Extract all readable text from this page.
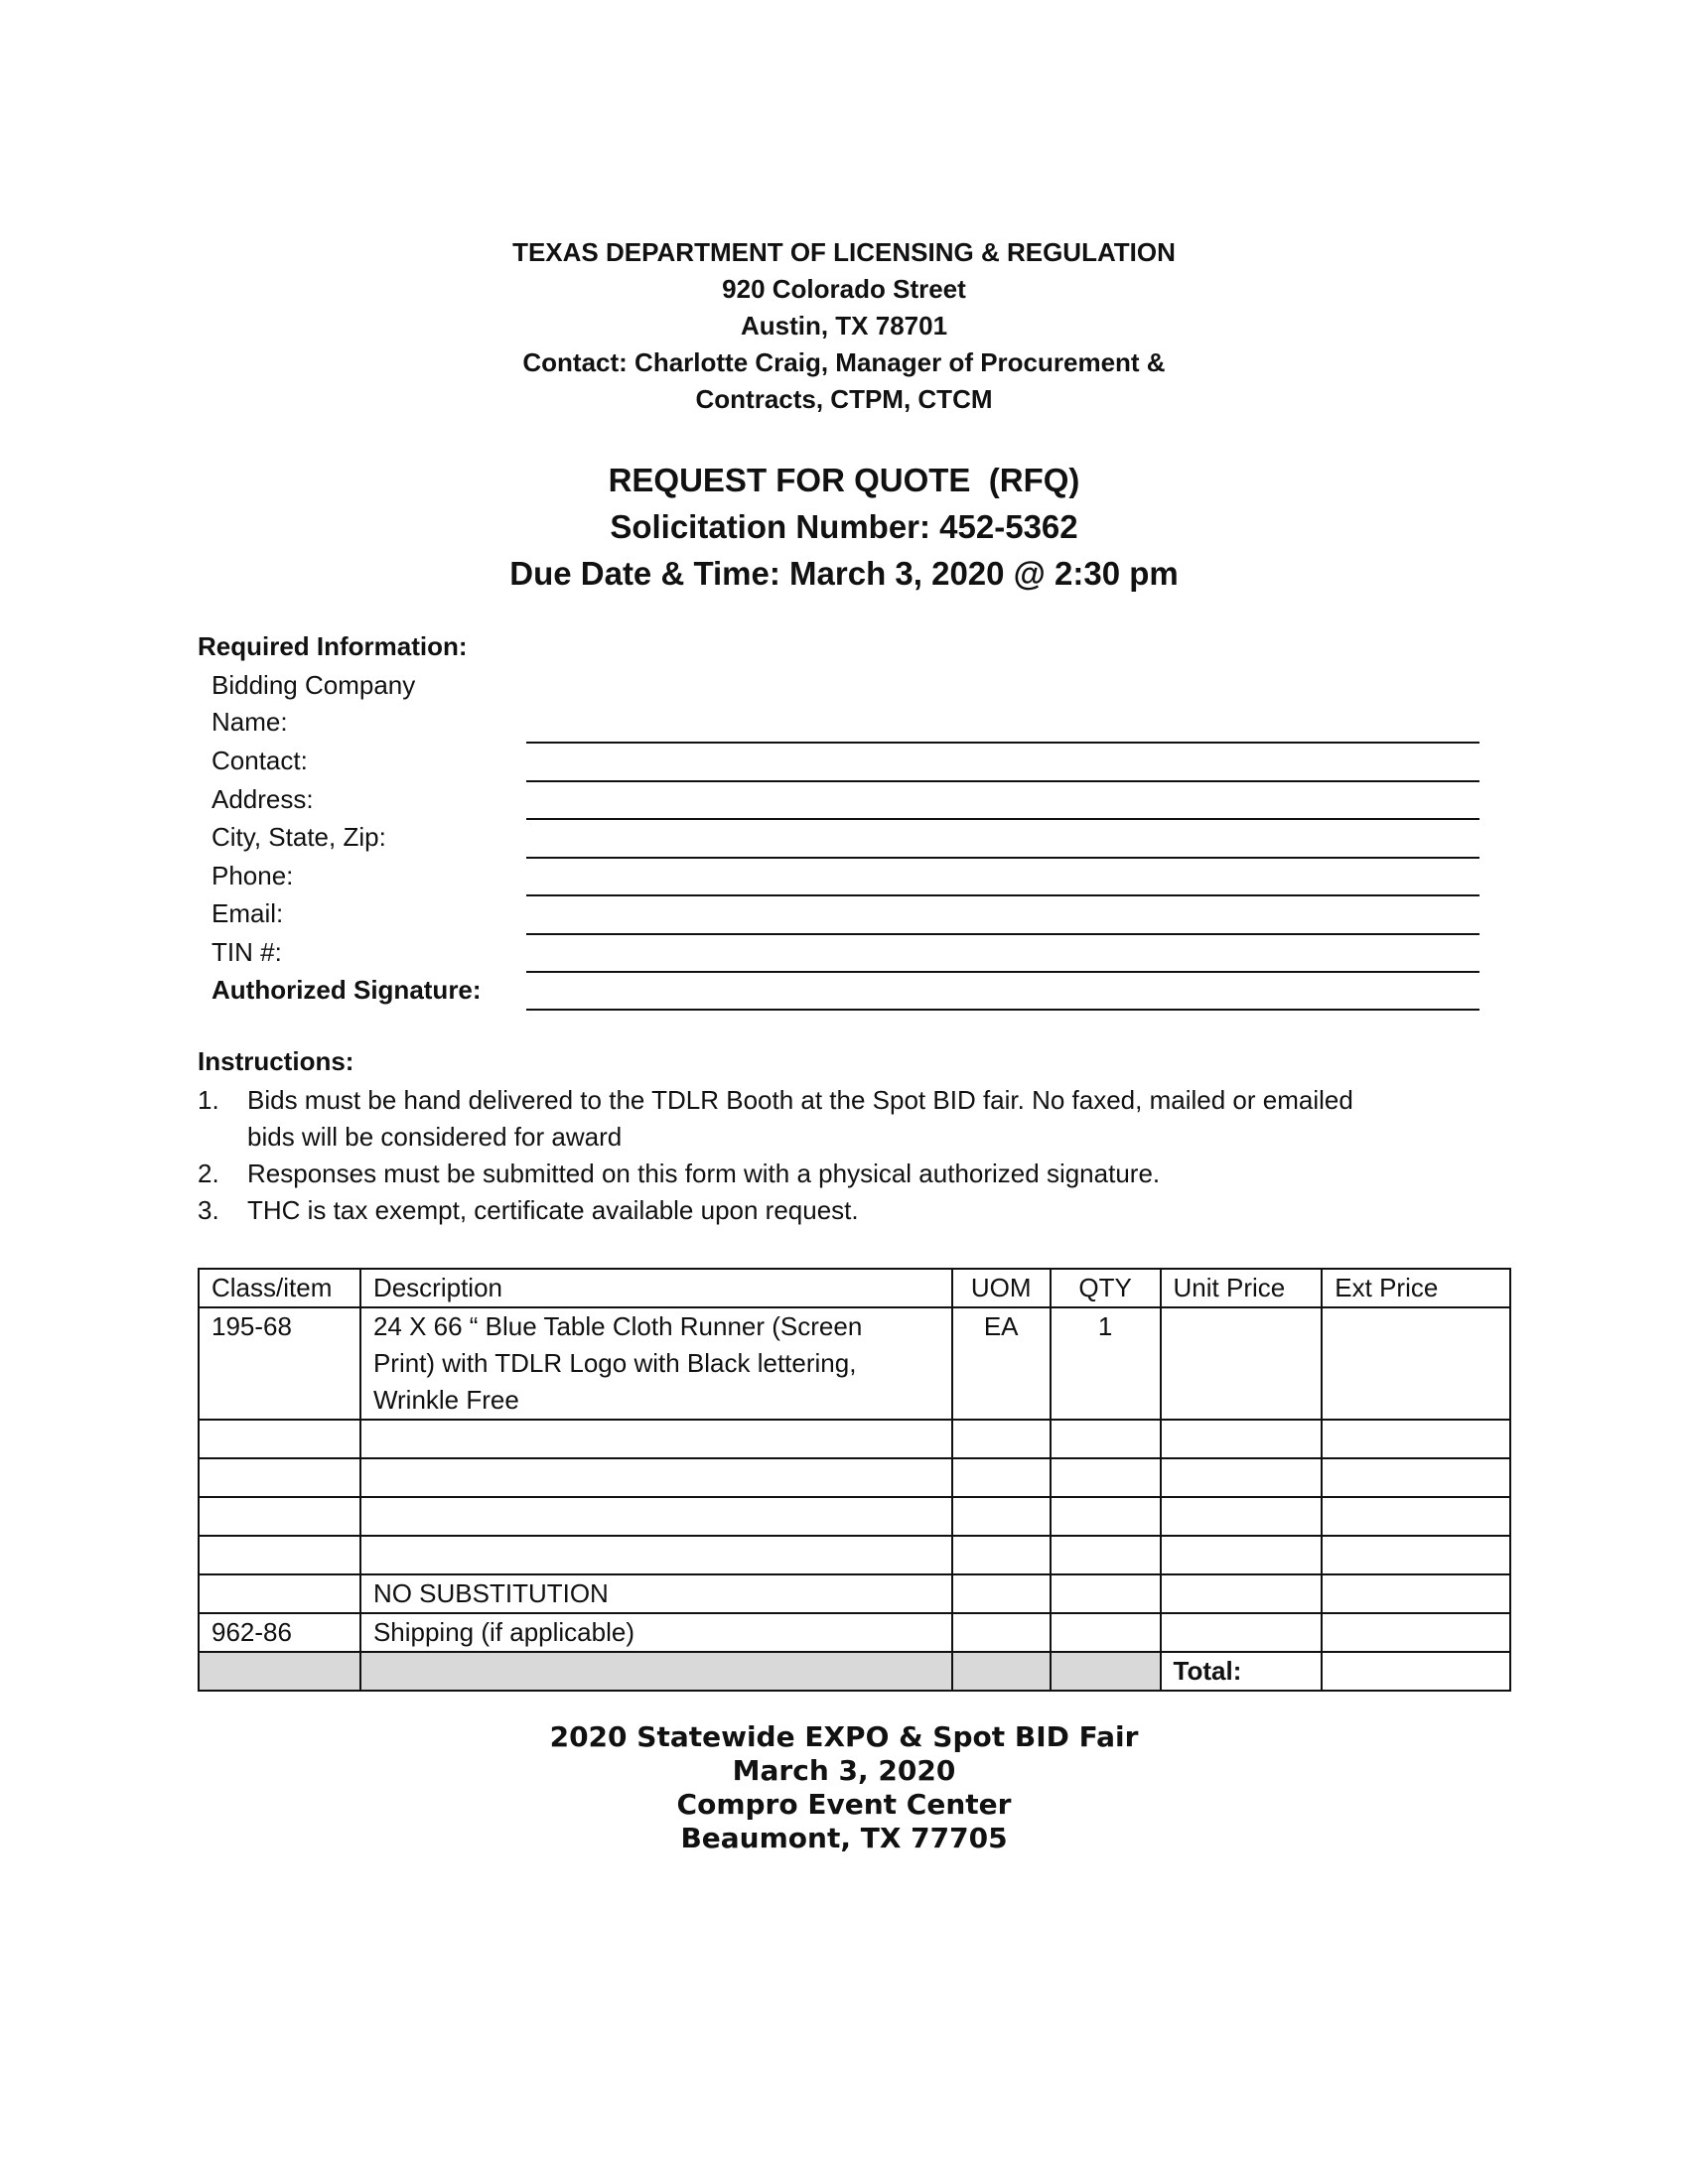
TEXAS DEPARTMENT OF LICENSING & REGULATION
920 Colorado Street
Austin, TX 78701
Contact: Charlotte Craig, Manager of Procurement &
Contracts, CTPM, CTCM
REQUEST FOR QUOTE  (RFQ)
Solicitation Number: 452-5362
Due Date & Time: March 3, 2020 @ 2:30 pm
Required Information:
Bidding Company
Name:
Contact:
Address:
City, State, Zip:
Phone:
Email:
TIN #:
Authorized Signature:
Instructions:
1.	Bids must be hand delivered to the TDLR Booth at the Spot BID fair. No faxed, mailed or emailed
bids will be considered for award
2.	Responses must be submitted on this form with a physical authorized signature.
3.	THC is tax exempt, certificate available upon request.
Class/item	Description	UOM	QTY	Unit Price	Ext Price
195-68	24 X 66 “ Blue Table Cloth Runner (Screen
Print) with TDLR Logo with Black lettering,
Wrinkle Free	EA	1		

	NO SUBSTITUTION				
962-86	Shipping (if applicable)				
				Total:	
2020 Statewide EXPO & Spot BID Fair
March 3, 2020
Compro Event Center
Beaumont, TX 77705
